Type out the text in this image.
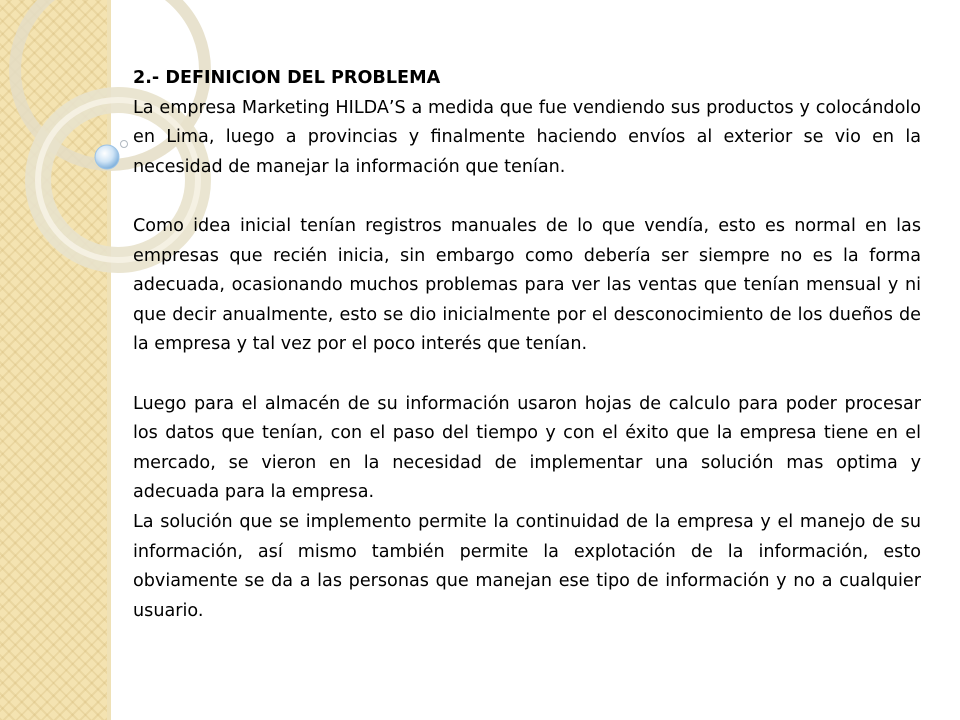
2.- DEFINICION DEL PROBLEMA

La empresa Marketing HILDA’S a medida que fue vendiendo sus productos y colocándolo en Lima, luego a provincias y finalmente haciendo envíos al exterior se vio en la necesidad de manejar la información que tenían.

Como idea inicial tenían registros manuales de lo que vendía, esto es normal en las empresas que recién inicia, sin embargo como debería ser siempre no es la forma adecuada, ocasionando muchos problemas para ver las ventas que tenían mensual y ni que decir anualmente, esto se dio inicialmente por el desconocimiento de los dueños de la empresa y tal vez por el poco interés que tenían.

Luego para el almacén de su información usaron hojas de calculo para poder procesar los datos que tenían, con el paso del tiempo y con el éxito que la empresa tiene en el mercado, se vieron en la necesidad de implementar una solución mas optima y adecuada para la empresa.

La solución que se implemento permite la continuidad de la empresa y el manejo de su información, así mismo también permite la explotación de la información, esto obviamente se da a las personas que manejan ese tipo de información y no a cualquier usuario.
